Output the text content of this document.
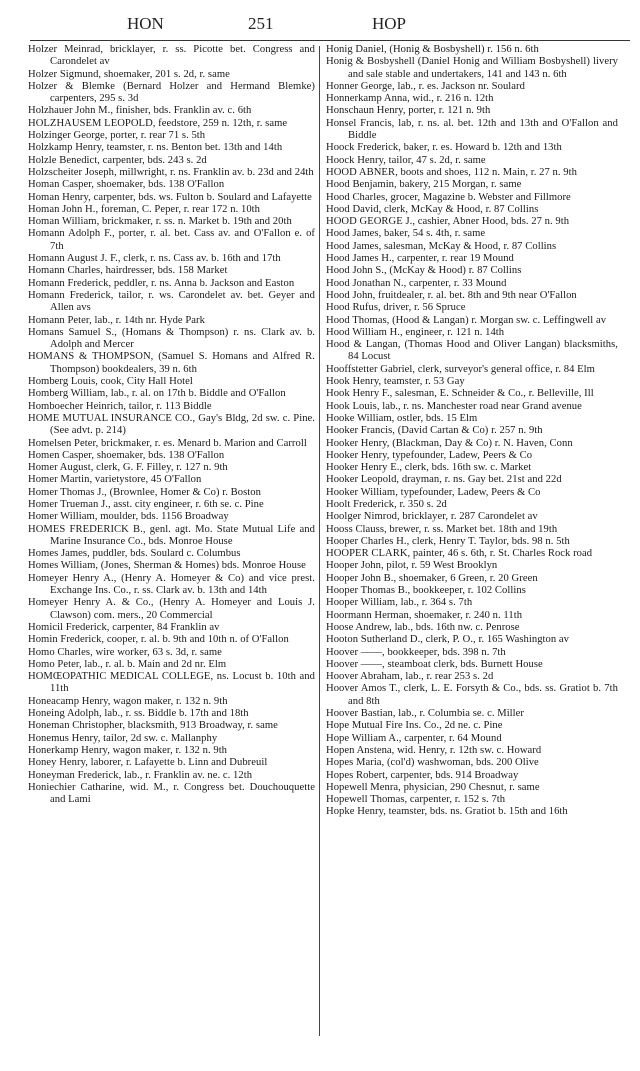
HON	251	HOP

Holzer Meinrad, bricklayer, r. ss. Picotte bet. Congress and Carondelet av

Holzer Sigmund, shoemaker, 201 s. 2d, r. same

Holzer & Blemke (Bernard Holzer and Hermand Blemke) carpenters, 295 s. 3d

Holzhauer John M., finisher, bds. Franklin av. c. 6th

HOLZHAUSEM LEOPOLD, feedstore, 259 n. 12th, r. same

Holzinger George, porter, r. rear 71 s. 5th

Holzkamp Henry, teamster, r. ns. Benton bet. 13th and 14th

Holzle Benedict, carpenter, bds. 243 s. 2d

Holzscheiter Joseph, millwright, r. ns. Franklin av. b. 23d and 24th

Homan Casper, shoemaker, bds. 138 O'Fallon

Homan Henry, carpenter, bds. ws. Fulton b. Soulard and Lafayette

Homan John H., foreman, C. Peper, r. rear 172 n. 10th

Homan William, brickmaker, r. ss. n. Market b. 19th and 20th

Homann Adolph F., porter, r. al. bet. Cass av. and O'Fallon e. of 7th

Homann August J. F., clerk, r. ns. Cass av. b. 16th and 17th

Homann Charles, hairdresser, bds. 158 Market

Homann Frederick, peddler, r. ns. Anna b. Jackson and Easton

Homann Frederick, tailor, r. ws. Carondelet av. bet. Geyer and Allen avs

Homann Peter, lab., r. 14th nr. Hyde Park

Homans Samuel S., (Homans & Thompson) r. ns. Clark av. b. Adolph and Mercer

HOMANS & THOMPSON, (Samuel S. Homans and Alfred R. Thompson) bookdealers, 39 n. 6th

Homberg Louis, cook, City Hall Hotel

Homberg William, lab., r. al. on 17th b. Biddle and O'Fallon

Homboecher Heinrich, tailor, r. 113 Biddle

HOME MUTUAL INSURANCE CO., Gay's Bldg, 2d sw. c. Pine. (See advt. p. 214)

Homelsen Peter, brickmaker, r. es. Menard b. Marion and Carroll

Homen Casper, shoemaker, bds. 138 O'Fallon

Homer August, clerk, G. F. Filley, r. 127 n. 9th

Homer Martin, varietystore, 45 O'Fallon

Homer Thomas J., (Brownlee, Homer & Co) r. Boston

Homer Trueman J., asst. city engineer, r. 6th se. c. Pine

Homer William, moulder, bds. 1156 Broadway

HOMES FREDERICK B., genl. agt. Mo. State Mutual Life and Marine Insurance Co., bds. Monroe House

Homes James, puddler, bds. Soulard c. Columbus

Homes William, (Jones, Sherman & Homes) bds. Monroe House

Homeyer Henry A., (Henry A. Homeyer & Co) and vice prest. Exchange Ins. Co., r. ss. Clark av. b. 13th and 14th

Homeyer Henry A. & Co., (Henry A. Homeyer and Louis J. Clawson) com. mers., 20 Commercial

Homicil Frederick, carpenter, 84 Franklin av

Homin Frederick, cooper, r. al. b. 9th and 10th n. of O'Fallon

Homo Charles, wire worker, 63 s. 3d, r. same

Homo Peter, lab., r. al. b. Main and 2d nr. Elm

HOMŒOPATHIC MEDICAL COLLEGE, ns. Locust b. 10th and 11th

Honeacamp Henry, wagon maker, r. 132 n. 9th

Honeing Adolph, lab., r. ss. Biddle b. 17th and 18th

Honeman Christopher, blacksmith, 913 Broadway, r. same

Honemus Henry, tailor, 2d sw. c. Mallanphy

Honerkamp Henry, wagon maker, r. 132 n. 9th

Honey Henry, laborer, r. Lafayette b. Linn and Dubreuil

Honeyman Frederick, lab., r. Franklin av. ne. c. 12th

Honiechier Catharine, wid. M., r. Congress bet. Douchouquette and Lami

Honig Daniel, (Honig & Bosbyshell) r. 156 n. 6th

Honig & Bosbyshell (Daniel Honig and William Bosbyshell) livery and sale stable and undertakers, 141 and 143 n. 6th

Honner George, lab., r. es. Jackson nr. Soulard

Honnerkamp Anna, wid., r. 216 n. 12th

Honschaun Henry, porter, r. 121 n. 9th

Honsel Francis, lab, r. ns. al. bet. 12th and 13th and O'Fallon and Biddle

Hoock Frederick, baker, r. es. Howard b. 12th and 13th

Hoock Henry, tailor, 47 s. 2d, r. same

HOOD ABNER, boots and shoes, 112 n. Main, r. 27 n. 9th

Hood Benjamin, bakery, 215 Morgan, r. same

Hood Charles, grocer, Magazine b. Webster and Fillmore

Hood David, clerk, McKay & Hood, r. 87 Collins

HOOD GEORGE J., cashier, Abner Hood, bds. 27 n. 9th

Hood James, baker, 54 s. 4th, r. same

Hood James, salesman, McKay & Hood, r. 87 Collins

Hood James H., carpenter, r. rear 19 Mound

Hood John S., (McKay & Hood) r. 87 Collins

Hood Jonathan N., carpenter, r. 33 Mound

Hood John, fruitdealer, r. al. bet. 8th and 9th near O'Fallon

Hood Rufus, driver, r. 56 Spruce

Hood Thomas, (Hood & Langan) r. Morgan sw. c. Leffingwell av

Hood William H., engineer, r. 121 n. 14th

Hood & Langan, (Thomas Hood and Oliver Langan) blacksmiths, 84 Locust

Hooffstetter Gabriel, clerk, surveyor's general office, r. 84 Elm

Hook Henry, teamster, r. 53 Gay

Hook Henry F., salesman, E. Schneider & Co., r. Belleville, Ill

Hook Louis, lab., r. ns. Manchester road near Grand avenue

Hooke William, ostler, bds. 15 Elm

Hooker Francis, (David Cartan & Co) r. 257 n. 9th

Hooker Henry, (Blackman, Day & Co) r. N. Haven, Conn

Hooker Henry, typefounder, Ladew, Peers & Co

Hooker Henry E., clerk, bds. 16th sw. c. Market

Hooker Leopold, drayman, r. ns. Gay bet. 21st and 22d

Hooker William, typefounder, Ladew, Peers & Co

Hoolt Frederick, r. 350 s. 2d

Hoolger Nimrod, bricklayer, r. 287 Carondelet av

Hooss Clauss, brewer, r. ss. Market bet. 18th and 19th

Hooper Charles H., clerk, Henry T. Taylor, bds. 98 n. 5th

HOOPER CLARK, painter, 46 s. 6th, r. St. Charles Rock road

Hooper John, pilot, r. 59 West Brooklyn

Hooper John B., shoemaker, 6 Green, r. 20 Green

Hooper Thomas B., bookkeeper, r. 102 Collins

Hooper William, lab., r. 364 s. 7th

Hoormann Herman, shoemaker, r. 240 n. 11th

Hoose Andrew, lab., bds. 16th nw. c. Penrose

Hooton Sutherland D., clerk, P. O., r. 165 Washington av

Hoover ——, bookkeeper, bds. 398 n. 7th

Hoover ——, steamboat clerk, bds. Burnett House

Hoover Abraham, lab., r. rear 253 s. 2d

Hoover Amos T., clerk, L. E. Forsyth & Co., bds. ss. Gratiot b. 7th and 8th

Hoover Bastian, lab., r. Columbia se. c. Miller

Hope Mutual Fire Ins. Co., 2d ne. c. Pine

Hope William A., carpenter, r. 64 Mound

Hopen Anstena, wid. Henry, r. 12th sw. c. Howard

Hopes Maria, (col'd) washwoman, bds. 200 Olive

Hopes Robert, carpenter, bds. 914 Broadway

Hopewell Menra, physician, 290 Chesnut, r. same

Hopewell Thomas, carpenter, r. 152 s. 7th

Hopke Henry, teamster, bds. ns. Gratiot b. 15th and 16th
